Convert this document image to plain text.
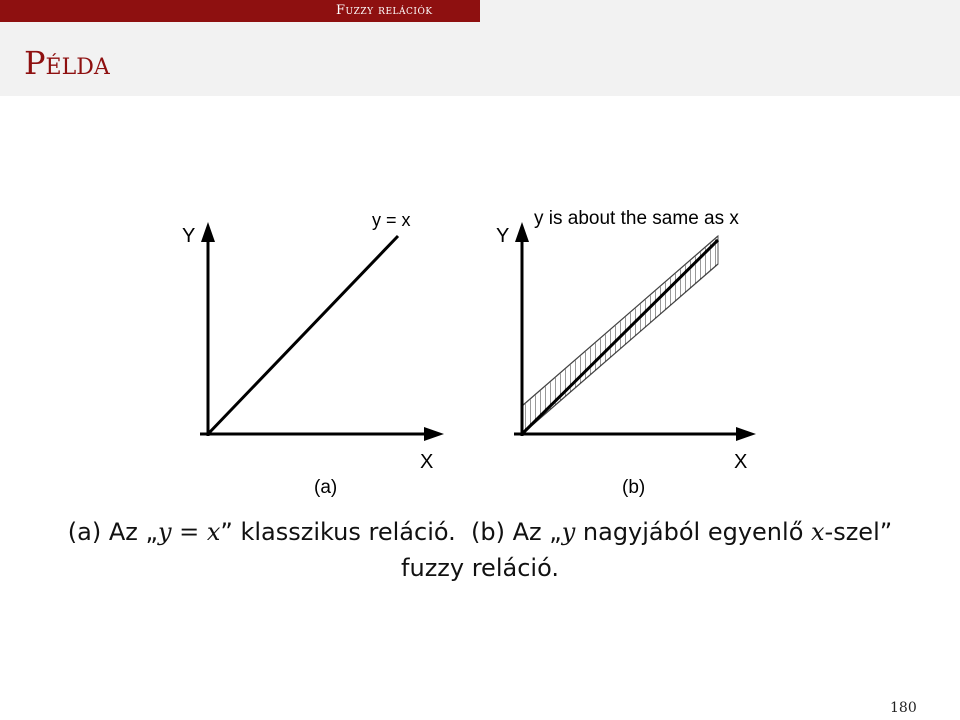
Fuzzy relációk
Példa
Y
y = x
X
(a)
Y
y is about the same as x
X
(b)
(a) Az „y = x” klasszikus reláció. (b) Az „y nagyjából egyenlő x-szel”
fuzzy reláció.
180
